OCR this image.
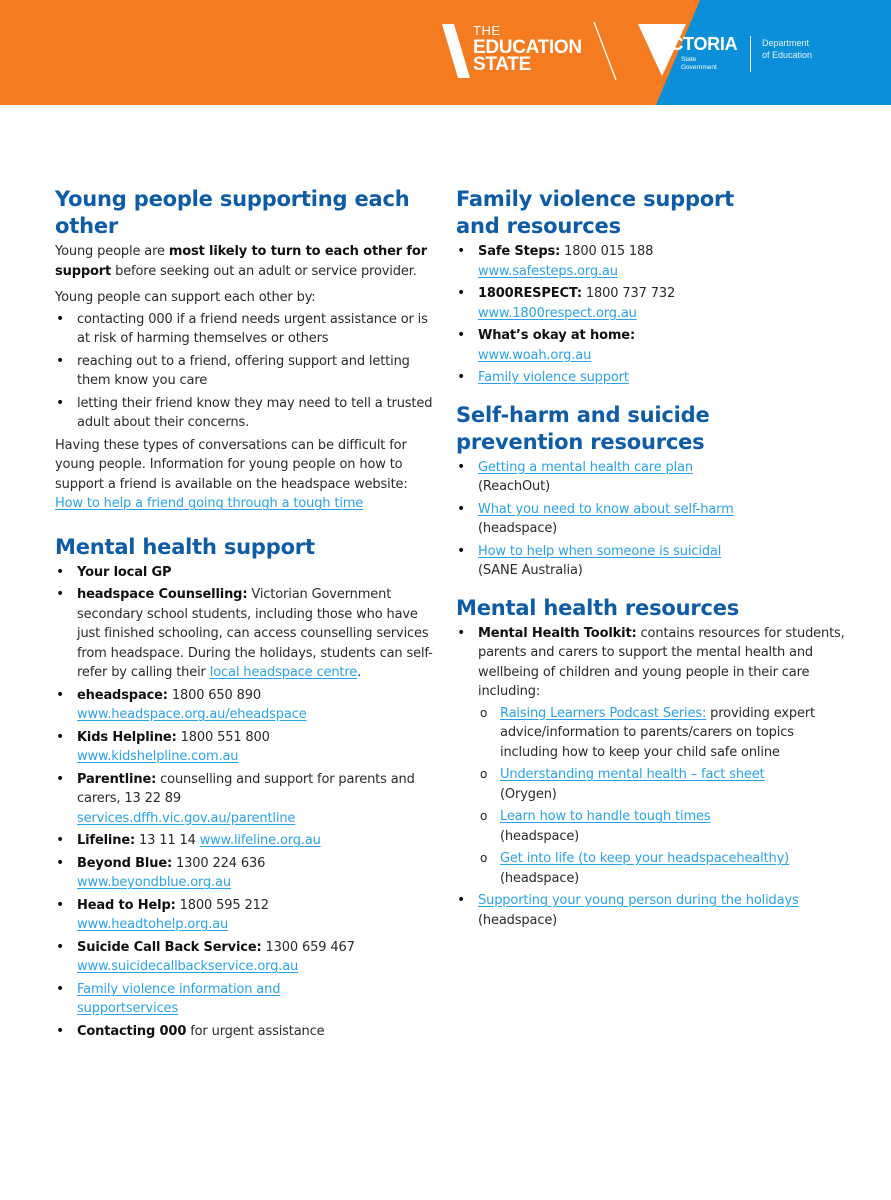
THE
EDUCATION
STATE
VICTORIA
State
Government
Department
of Education
Young people supporting each other

Young people are most likely to turn to each other for support before seeking out an adult or service provider.

Young people can support each other by:

• contacting 000 if a friend needs urgent assistance or is at risk of harming themselves or others
• reaching out to a friend, offering support and letting them know you care
• letting their friend know they may need to tell a trusted adult about their concerns.

Having these types of conversations can be difficult for young people. Information for young people on how to support a friend is available on the headspace website: How to help a friend going through a tough time

Mental health support
• Your local GP
• headspace Counselling: Victorian Government secondary school students, including those who have just finished schooling, can access counselling services from headspace. During the holidays, students can self-refer by calling their local headspace centre.
• eheadspace: 1800 650 890
www.headspace.org.au/eheadspace
• Kids Helpline: 1800 551 800
www.kidshelpline.com.au
• Parentline: counselling and support for parents and carers, 13 22 89
services.dffh.vic.gov.au/parentline
• Lifeline: 13 11 14 www.lifeline.org.au
• Beyond Blue: 1300 224 636
www.beyondblue.org.au
• Head to Help: 1800 595 212
www.headtohelp.org.au
• Suicide Call Back Service: 1300 659 467
www.suicidecallbackservice.org.au
• Family violence information and supportservices
• Contacting 000 for urgent assistance
Family violence support and resources
• Safe Steps: 1800 015 188
www.safesteps.org.au
• 1800RESPECT: 1800 737 732
www.1800respect.org.au
• What’s okay at home:
www.woah.org.au
• Family violence support
Self-harm and suicide prevention resources
• Getting a mental health care plan
(ReachOut)
• What you need to know about self-harm
(headspace)
• How to help when someone is suicidal
(SANE Australia)
Mental health resources
• Mental Health Toolkit: contains resources for students, parents and carers to support the mental health and wellbeing of children and young people in their care including:
o Raising Learners Podcast Series: providing expert advice/information to parents/carers on topics including how to keep your child safe online
o Understanding mental health – fact sheet
(Orygen)
o Learn how to handle tough times
(headspace)
o Get into life (to keep your headspacehealthy)
(headspace)
• Supporting your young person during the holidays (headspace)
